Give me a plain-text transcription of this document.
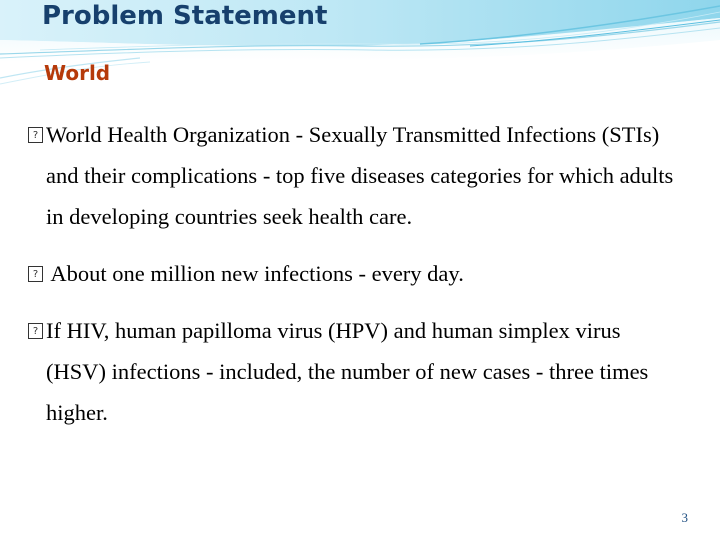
Problem Statement
World
?World Health Organization - Sexually Transmitted Infections (STIs) and their complications - top five diseases categories for which adults in developing countries seek health care.
? About one million new infections - every day.
?If HIV, human papilloma virus (HPV) and human simplex virus (HSV) infections - included, the number of new cases - three times higher.

3
